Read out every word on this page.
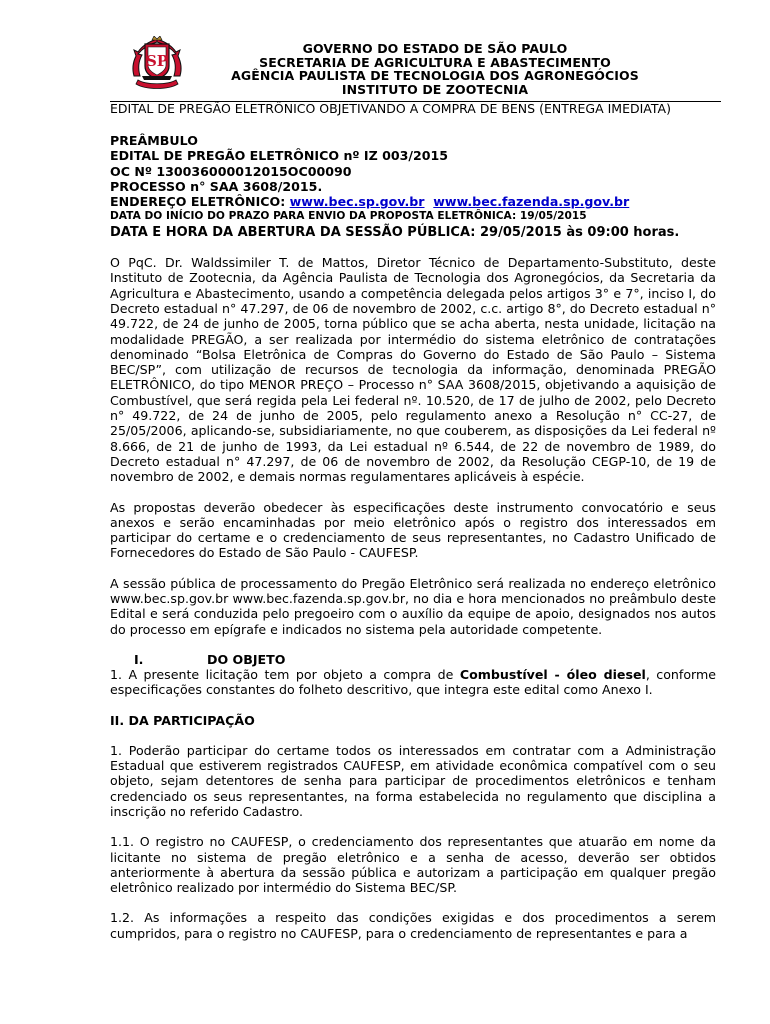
SP
GOVERNO DO ESTADO DE SÃO PAULO
SECRETARIA DE AGRICULTURA E ABASTECIMENTO
AGÊNCIA PAULISTA DE TECNOLOGIA DOS AGRONEGÓCIOS
INSTITUTO DE ZOOTECNIA
EDITAL DE PREGÃO ELETRÔNICO OBJETIVANDO A COMPRA DE BENS (ENTREGA IMEDIATA)
PREÂMBULO
EDITAL DE PREGÃO ELETRÔNICO nº IZ 003/2015
OC Nº 130036000012015OC00090
PROCESSO n° SAA 3608/2015.
ENDEREÇO ELETRÔNICO: www.bec.sp.gov.br www.bec.fazenda.sp.gov.br
DATA DO INÍCIO DO PRAZO PARA ENVIO DA PROPOSTA ELETRÔNICA: 19/05/2015
DATA E HORA DA ABERTURA DA SESSÃO PÚBLICA: 29/05/2015 às 09:00 horas.

O PqC. Dr. Waldssimiler T. de Mattos, Diretor Técnico de Departamento-Substituto, deste Instituto de Zootecnia, da Agência Paulista de Tecnologia dos Agronegócios, da Secretaria da Agricultura e Abastecimento, usando a competência delegada pelos artigos 3° e 7°, inciso I, do Decreto estadual n° 47.297, de 06 de novembro de 2002, c.c. artigo 8°, do Decreto estadual n° 49.722, de 24 de junho de 2005, torna público que se acha aberta, nesta unidade, licitação na modalidade PREGÃO, a ser realizada por intermédio do sistema eletrônico de contratações denominado “Bolsa Eletrônica de Compras do Governo do Estado de São Paulo – Sistema BEC/SP”, com utilização de recursos de tecnologia da informação, denominada PREGÃO ELETRÔNICO, do tipo MENOR PREÇO – Processo n° SAA 3608/2015, objetivando a aquisição de Combustível, que será regida pela Lei federal nº. 10.520, de 17 de julho de 2002, pelo Decreto n° 49.722, de 24 de junho de 2005, pelo regulamento anexo a Resolução n° CC-27, de 25/05/2006, aplicando-se, subsidiariamente, no que couberem, as disposições da Lei federal nº 8.666, de 21 de junho de 1993, da Lei estadual nº 6.544, de 22 de novembro de 1989, do Decreto estadual n° 47.297, de 06 de novembro de 2002, da Resolução CEGP-10, de 19 de novembro de 2002, e demais normas regulamentares aplicáveis à espécie.

As propostas deverão obedecer às especificações deste instrumento convocatório e seus anexos e serão encaminhadas por meio eletrônico após o registro dos interessados em participar do certame e o credenciamento de seus representantes, no Cadastro Unificado de Fornecedores do Estado de São Paulo - CAUFESP.

A sessão pública de processamento do Pregão Eletrônico será realizada no endereço eletrônico www.bec.sp.gov.br www.bec.fazenda.sp.gov.br, no dia e hora mencionados no preâmbulo deste Edital e será conduzida pelo pregoeiro com o auxílio da equipe de apoio, designados nos autos do processo em epígrafe e indicados no sistema pela autoridade competente.

I.	DO OBJETO

1. A presente licitação tem por objeto a compra de Combustível - óleo diesel, conforme especificações constantes do folheto descritivo, que integra este edital como Anexo I.

II. DA PARTICIPAÇÃO

1. Poderão participar do certame todos os interessados em contratar com a Administração Estadual que estiverem registrados CAUFESP, em atividade econômica compatível com o seu objeto, sejam detentores de senha para participar de procedimentos eletrônicos e tenham credenciado os seus representantes, na forma estabelecida no regulamento que disciplina a inscrição no referido Cadastro.

1.1. O registro no CAUFESP, o credenciamento dos representantes que atuarão em nome da licitante no sistema de pregão eletrônico e a senha de acesso, deverão ser obtidos anteriormente à abertura da sessão pública e autorizam a participação em qualquer pregão eletrônico realizado por intermédio do Sistema BEC/SP.

1.2. As informações a respeito das condições exigidas e dos procedimentos a serem cumpridos, para o registro no CAUFESP, para o credenciamento de representantes e para a
